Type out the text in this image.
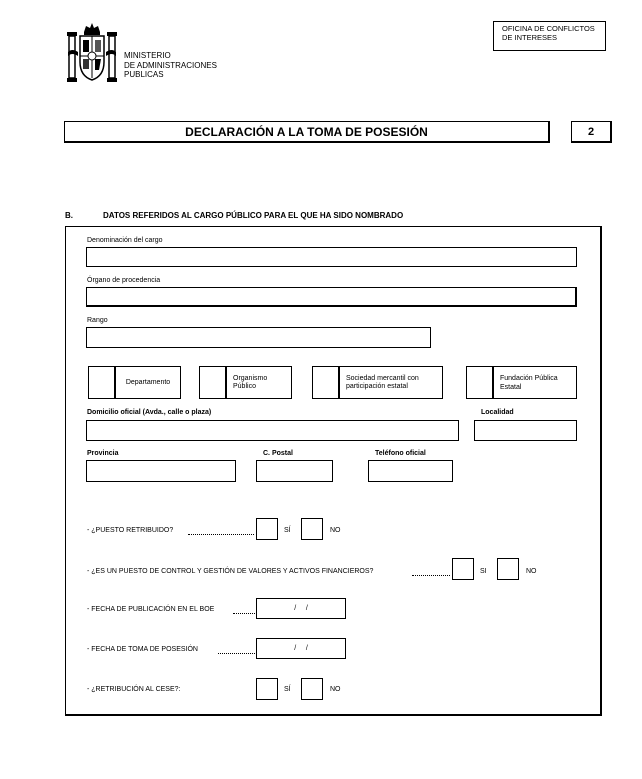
MINISTERIO
DE ADMINISTRACIONES
PUBLICAS
OFICINA DE CONFLICTOS
DE INTERESES
DECLARACIÓN A LA TOMA DE POSESIÓN	2
B.	DATOS REFERIDOS AL CARGO PÚBLICO PARA EL QUE HA SIDO NOMBRADO
Denominación del cargo
Órgano de procedencia
Rango
Departamento
Organismo
Público
Sociedad mercantil con
participación estatal
Fundación Pública
Estatal
Domicilio oficial (Avda., calle o plaza)	Localidad
Provincia	C. Postal	Teléfono oficial
- ¿PUESTO RETRIBUIDO?	SÍ	NO
- ¿ES UN PUESTO DE CONTROL Y GESTIÓN DE VALORES Y ACTIVOS FINANCIEROS?	SI	NO
- FECHA DE PUBLICACIÓN EN EL BOE	/     /
- FECHA DE TOMA DE POSESIÓN	/     /
- ¿RETRIBUCIÓN AL CESE?:	SÍ	NO
